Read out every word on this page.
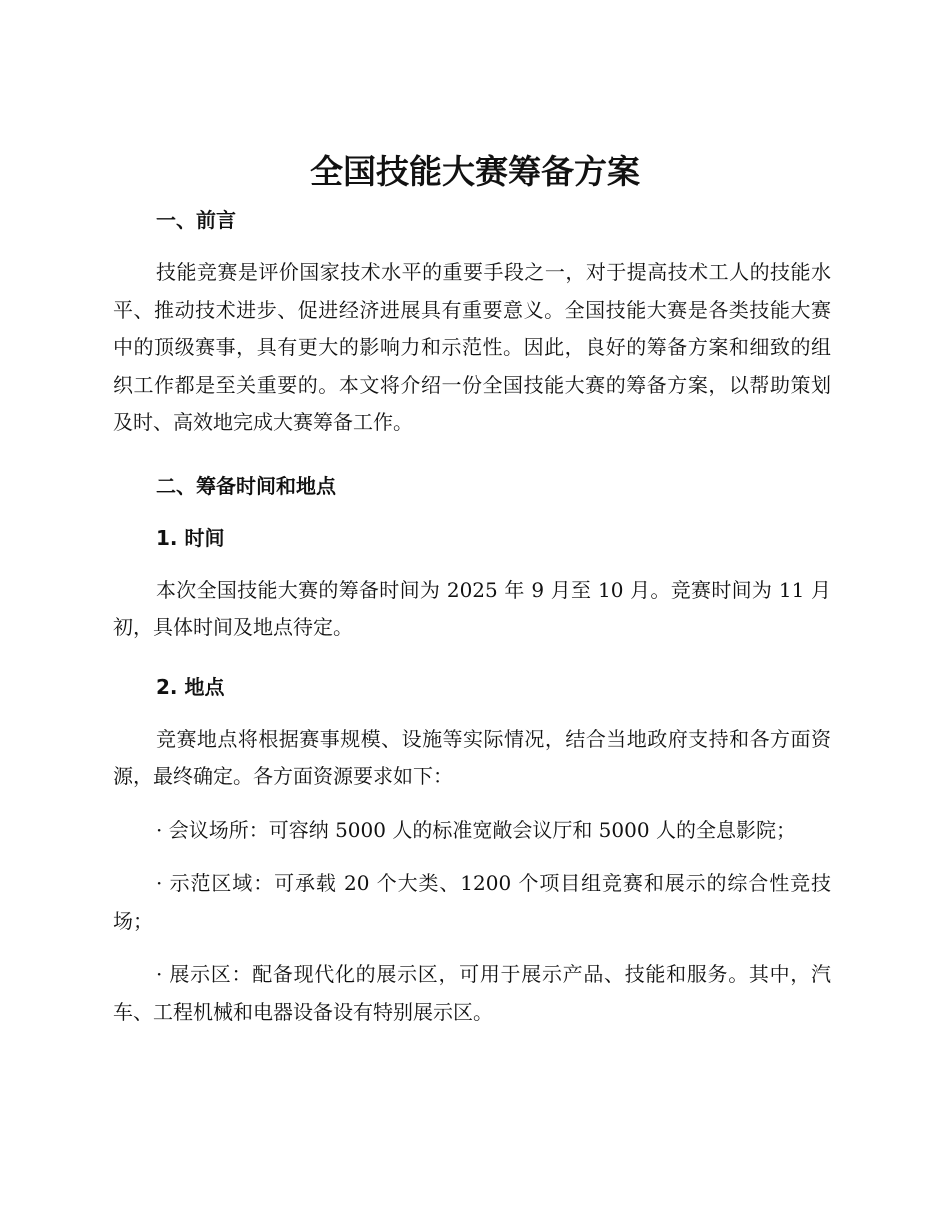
全国技能大赛筹备方案
一、前言

技能竞赛是评价国家技术水平的重要手段之一，对于提高技术工人的技能水平、推动技术进步、促进经济进展具有重要意义。全国技能大赛是各类技能大赛中的顶级赛事，具有更大的影响力和示范性。因此，良好的筹备方案和细致的组织工作都是至关重要的。本文将介绍一份全国技能大赛的筹备方案，以帮助策划及时、高效地完成大赛筹备工作。

二、筹备时间和地点
1. 时间

本次全国技能大赛的筹备时间为 2025 年 9 月至 10 月。竞赛时间为 11 月初，具体时间及地点待定。

2. 地点

竞赛地点将根据赛事规模、设施等实际情况，结合当地政府支持和各方面资源，最终确定。各方面资源要求如下：

· 会议场所：可容纳 5000 人的标准宽敞会议厅和 5000 人的全息影院；

· 示范区域：可承载 20 个大类、1200 个项目组竞赛和展示的综合性竞技场；

· 展示区：配备现代化的展示区，可用于展示产品、技能和服务。其中，汽车、工程机械和电器设备设有特别展示区。
